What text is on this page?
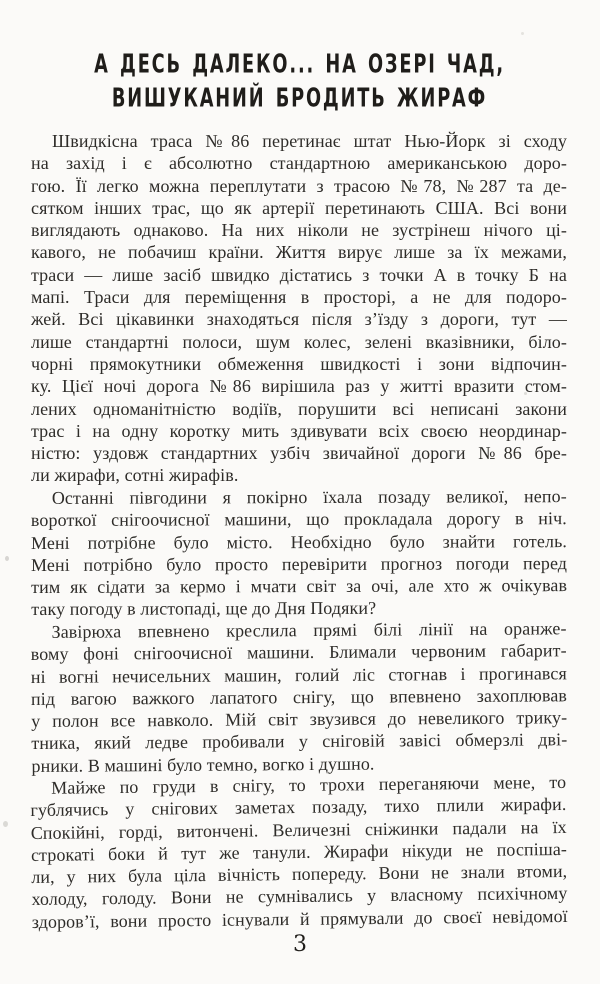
А ДЕСЬ ДАЛЕКО... НА ОЗЕРІ ЧАД,
ВИШУКАНИЙ БРОДИТЬ ЖИРАФ
Швидкісна траса №86 перетинає штат Нью-Йорк зі сходу
на захід і є абсолютно стандартною американською доро-
гою. Її легко можна переплутати з трасою №78, №287 та де-
сятком інших трас, що як артерії перетинають США. Всі вони
виглядають однаково. На них ніколи не зустрінеш нічого ці-
кавого, не побачиш країни. Життя вирує лише за їх межами,
траси — лише засіб швидко дістатись з точки А в точку Б на
мапі. Траси для переміщення в просторі, а не для подоро-
жей. Всі цікавинки знаходяться після з’їзду з дороги, тут —
лише стандартні полоси, шум колес, зелені вказівники, біло-
чорні прямокутники обмеження швидкості і зони відпочин-
ку. Цієї ночі дорога №86 вирішила раз у житті вразити стом-
лених одноманітністю водіїв, порушити всі неписані закони
трас і на одну коротку мить здивувати всіх своєю неординар-
ністю: уздовж стандартних узбіч звичайної дороги №86 бре-
ли жирафи, сотні жирафів.
Останні півгодини я покірно їхала позаду великої, непо-
вороткої снігоочисної машини, що прокладала дорогу в ніч.
Мені потрібне було місто. Необхідно було знайти готель.
Мені потрібно було просто перевірити прогноз погоди перед
тим як сідати за кермо і мчати світ за очі, але хто ж очікував
таку погоду в листопаді, ще до Дня Подяки?
Завірюха впевнено креслила прямі білі лінії на оранже-
вому фоні снігоочисної машини. Блимали червоним габарит-
ні вогні нечисельних машин, голий ліс стогнав і прогинався
під вагою важкого лапатого снігу, що впевнено захоплював
у полон все навколо. Мій світ звузився до невеликого трику-
тника, який ледве пробивали у сніговій завісі обмерзлі дві-
рники. В машині було темно, вогко і душно.
Майже по груди в снігу, то трохи переганяючи мене, то
гублячись у снігових заметах позаду, тихо плили жирафи.
Спокійні, горді, витончені. Величезні сніжинки падали на їх
строкаті боки й тут же танули. Жирафи нікуди не поспіша-
ли, у них була ціла вічність попереду. Вони не знали втоми,
холоду, голоду. Вони не сумнівались у власному психічному
здоров’ї, вони просто існували й прямували до своєї невідомої
3
